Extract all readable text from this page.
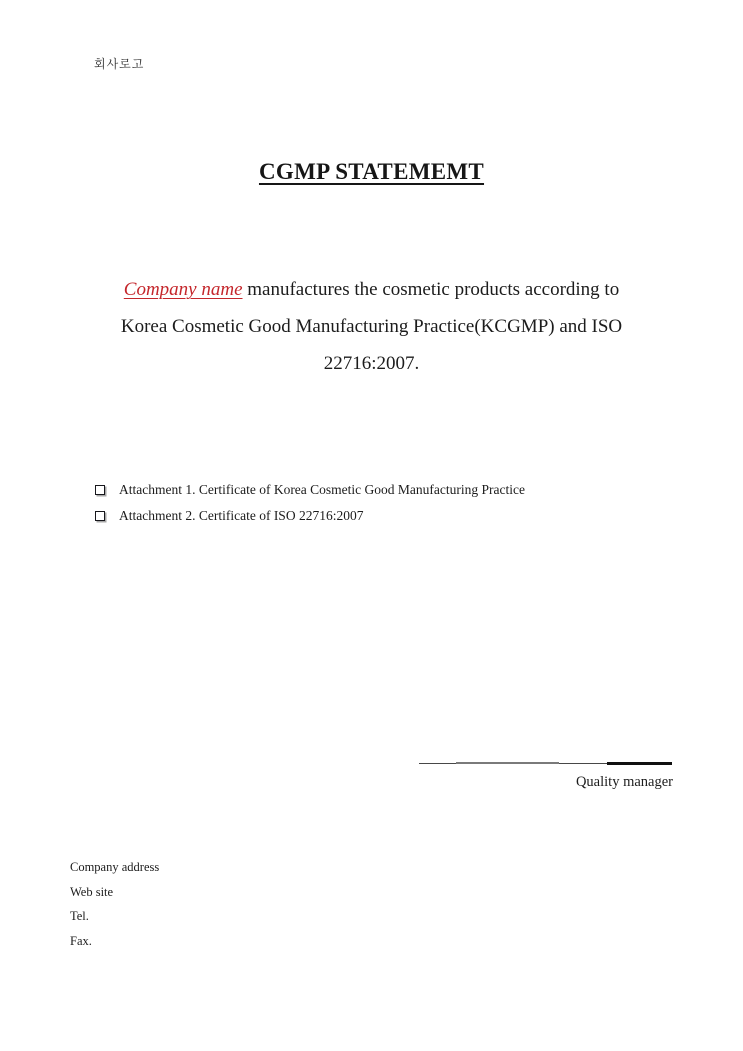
회사로고
CGMP STATEMEMT
Company name manufactures the cosmetic products according to
Korea Cosmetic Good Manufacturing Practice(KCGMP) and ISO
22716:2007.
Attachment 1. Certificate of Korea Cosmetic Good Manufacturing Practice
Attachment 2. Certificate of ISO 22716:2007
Quality manager
Company address
Web site
Tel.
Fax.
